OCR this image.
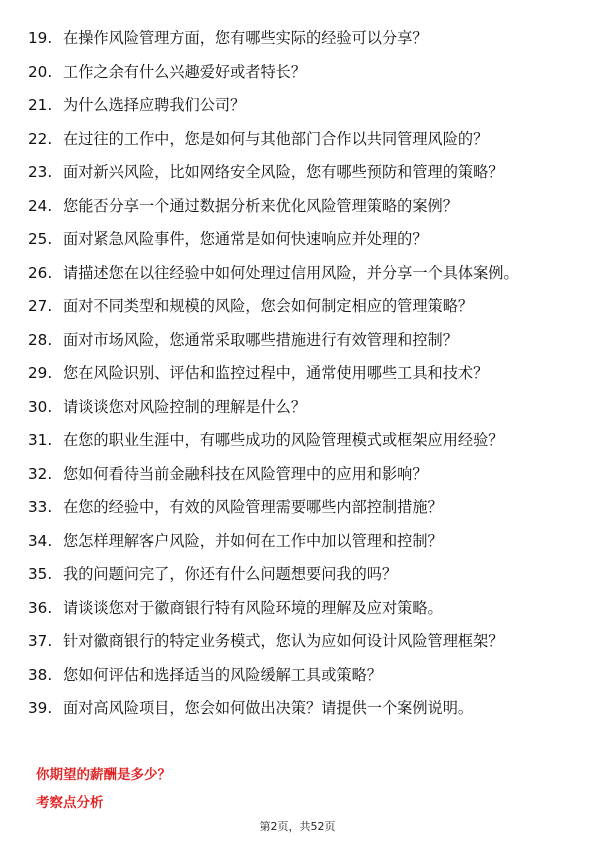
19. 在操作风险管理方面，您有哪些实际的经验可以分享？
20. 工作之余有什么兴趣爱好或者特长？
21. 为什么选择应聘我们公司？
22. 在过往的工作中，您是如何与其他部门合作以共同管理风险的？
23. 面对新兴风险，比如网络安全风险，您有哪些预防和管理的策略？
24. 您能否分享一个通过数据分析来优化风险管理策略的案例？
25. 面对紧急风险事件，您通常是如何快速响应并处理的？
26. 请描述您在以往经验中如何处理过信用风险，并分享一个具体案例。
27. 面对不同类型和规模的风险，您会如何制定相应的管理策略？
28. 面对市场风险，您通常采取哪些措施进行有效管理和控制？
29. 您在风险识别、评估和监控过程中，通常使用哪些工具和技术？
30. 请谈谈您对风险控制的理解是什么？
31. 在您的职业生涯中，有哪些成功的风险管理模式或框架应用经验？
32. 您如何看待当前金融科技在风险管理中的应用和影响？
33. 在您的经验中，有效的风险管理需要哪些内部控制措施？
34. 您怎样理解客户风险，并如何在工作中加以管理和控制？
35. 我的问题问完了，你还有什么问题想要问我的吗？
36. 请谈谈您对于徽商银行特有风险环境的理解及应对策略。
37. 针对徽商银行的特定业务模式，您认为应如何设计风险管理框架？
38. 您如何评估和选择适当的风险缓解工具或策略？
39. 面对高风险项目，您会如何做出决策？请提供一个案例说明。

你期望的薪酬是多少？

考察点分析

第2页，共52页
